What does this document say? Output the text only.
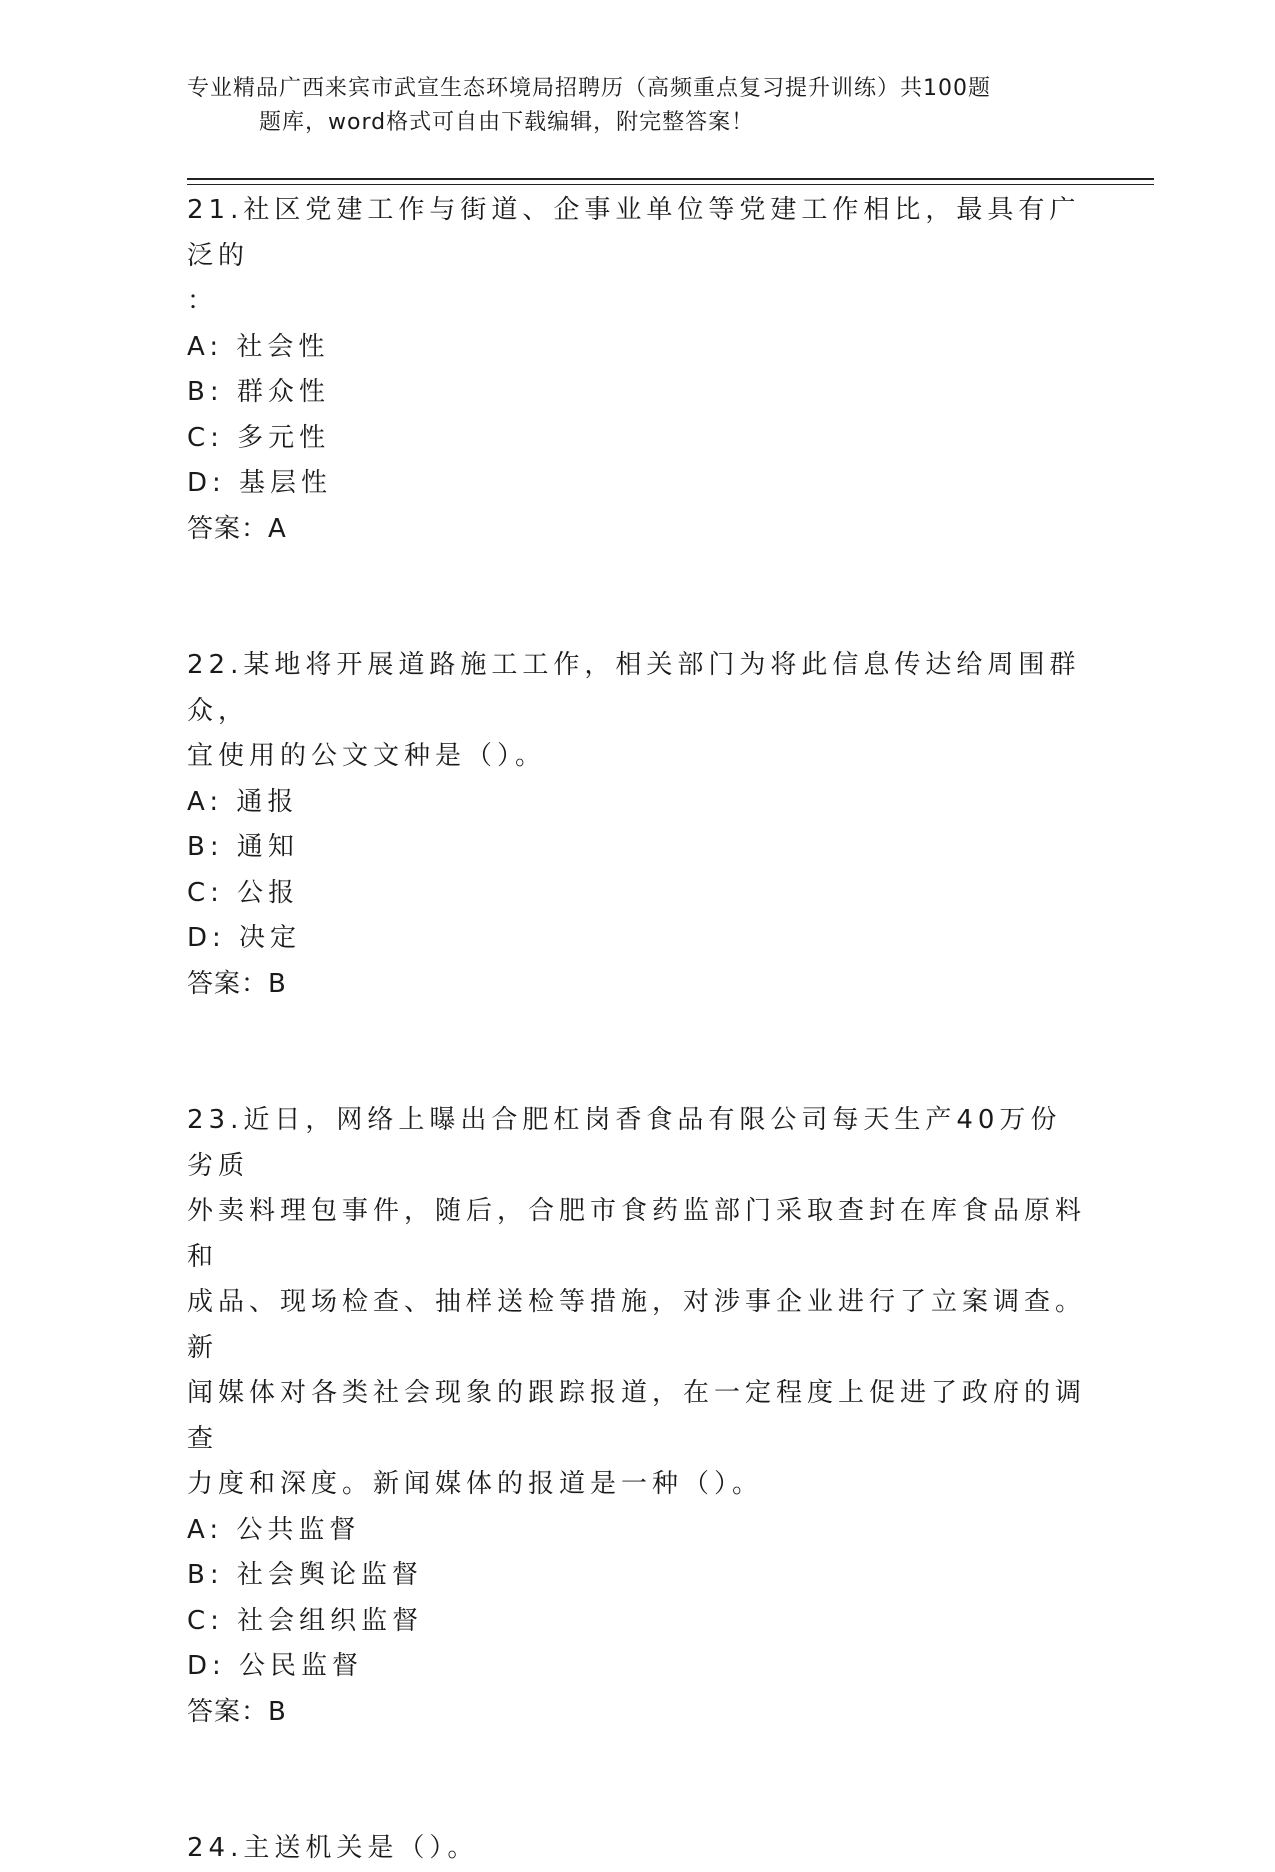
专业精品广西来宾市武宣生态环境局招聘历（高频重点复习提升训练）共100题
题库，word格式可自由下载编辑，附完整答案！

21.社区党建工作与街道、企事业单位等党建工作相比，最具有广泛的

：

A: 社会性

B: 群众性

C: 多元性

D: 基层性

答案：A

22.某地将开展道路施工工作，相关部门为将此信息传达给周围群众，

宜使用的公文文种是（）。

A: 通报

B: 通知

C: 公报

D: 决定

答案：B

23.近日，网络上曝出合肥杠岗香食品有限公司每天生产40万份劣质

外卖料理包事件，随后，合肥市食药监部门采取查封在库食品原料和

成品、现场检查、抽样送检等措施，对涉事企业进行了立案调查。新

闻媒体对各类社会现象的跟踪报道，在一定程度上促进了政府的调查

力度和深度。新闻媒体的报道是一种（）。

A: 公共监督

B: 社会舆论监督

C: 社会组织监督

D: 公民监督

答案：B

24.主送机关是（）。
